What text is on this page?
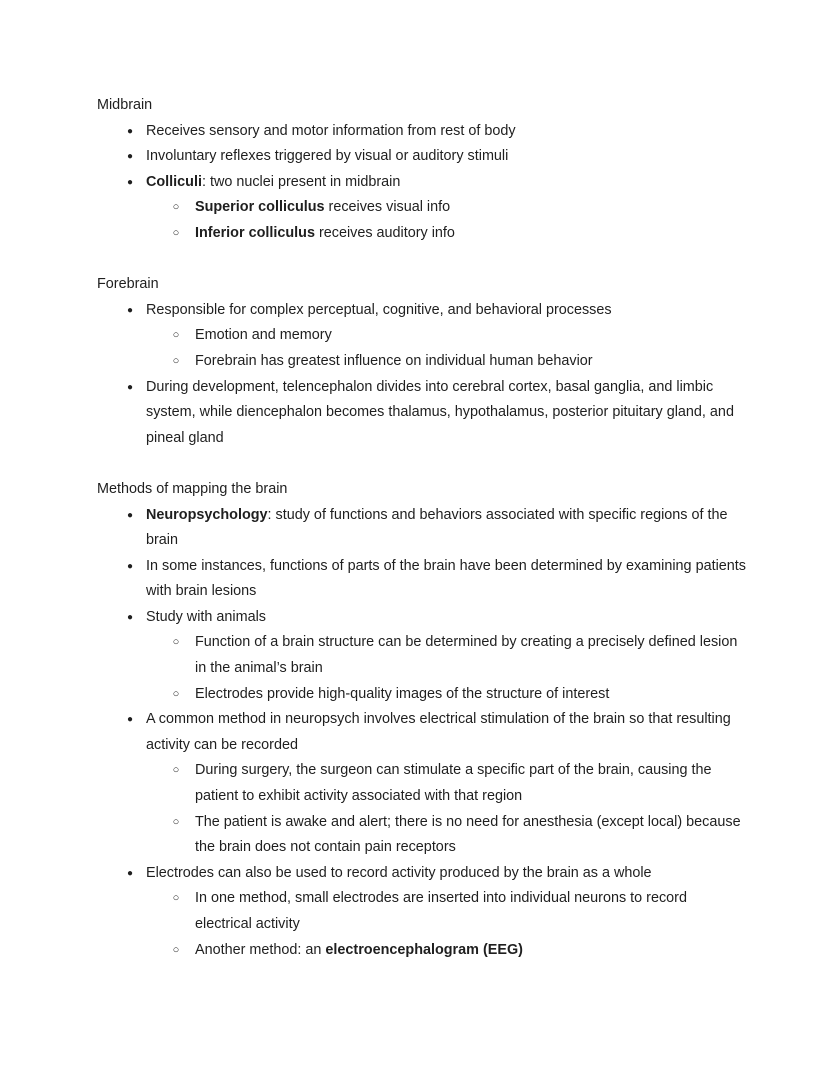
Midbrain
● Receives sensory and motor information from rest of body
● Involuntary reflexes triggered by visual or auditory stimuli
● Colliculi: two nuclei present in midbrain
○ Superior colliculus receives visual info
○ Inferior colliculus receives auditory info
Forebrain
● Responsible for complex perceptual, cognitive, and behavioral processes
○ Emotion and memory
○ Forebrain has greatest influence on individual human behavior
● During development, telencephalon divides into cerebral cortex, basal ganglia, and limbic system, while diencephalon becomes thalamus, hypothalamus, posterior pituitary gland, and pineal gland
Methods of mapping the brain
● Neuropsychology: study of functions and behaviors associated with specific regions of the brain
● In some instances, functions of parts of the brain have been determined by examining patients with brain lesions
● Study with animals
○ Function of a brain structure can be determined by creating a precisely defined lesion in the animal’s brain
○ Electrodes provide high-quality images of the structure of interest
● A common method in neuropsych involves electrical stimulation of the brain so that resulting activity can be recorded
○ During surgery, the surgeon can stimulate a specific part of the brain, causing the patient to exhibit activity associated with that region
○ The patient is awake and alert; there is no need for anesthesia (except local) because the brain does not contain pain receptors
● Electrodes can also be used to record activity produced by the brain as a whole
○ In one method, small electrodes are inserted into individual neurons to record electrical activity
○ Another method: an electroencephalogram (EEG)
